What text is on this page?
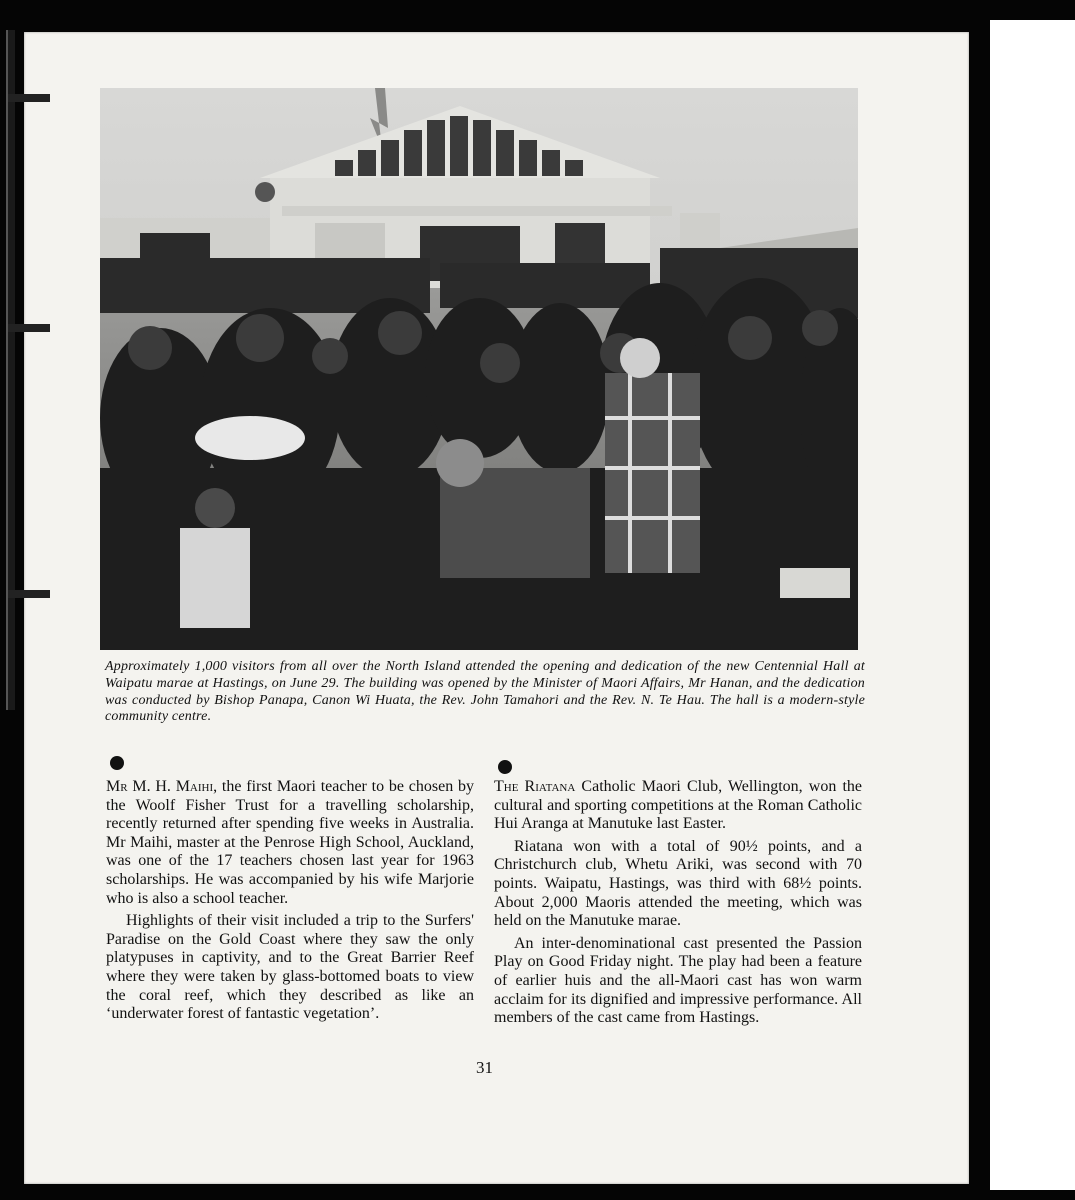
Approximately 1,000 visitors from all over the North Island attended the opening and dedication of the new Centennial Hall at Waipatu marae at Hastings, on June 29. The building was opened by the Minister of Maori Affairs, Mr Hanan, and the dedication was conducted by Bishop Panapa, Canon Wi Huata, the Rev. John Tamahori and the Rev. N. Te Hau. The hall is a modern-style community centre.

Mr M. H. Maihi, the first Maori teacher to be chosen by the Woolf Fisher Trust for a travelling scholarship, recently returned after spending five weeks in Australia. Mr Maihi, master at the Penrose High School, Auckland, was one of the 17 teachers chosen last year for 1963 scholarships. He was accompanied by his wife Marjorie who is also a school teacher.

Highlights of their visit included a trip to the Surfers' Paradise on the Gold Coast where they saw the only platypuses in captivity, and to the Great Barrier Reef where they were taken by glass-bottomed boats to view the coral reef, which they described as like an ‘underwater forest of fantastic vegetation’.

The Riatana Catholic Maori Club, Wellington, won the cultural and sporting competitions at the Roman Catholic Hui Aranga at Manutuke last Easter.

Riatana won with a total of 90½ points, and a Christchurch club, Whetu Ariki, was second with 70 points. Waipatu, Hastings, was third with 68½ points. About 2,000 Maoris attended the meeting, which was held on the Manutuke marae.

An inter-denominational cast presented the Passion Play on Good Friday night. The play had been a feature of earlier huis and the all-Maori cast has won warm acclaim for its dignified and impressive performance. All members of the cast came from Hastings.

31
